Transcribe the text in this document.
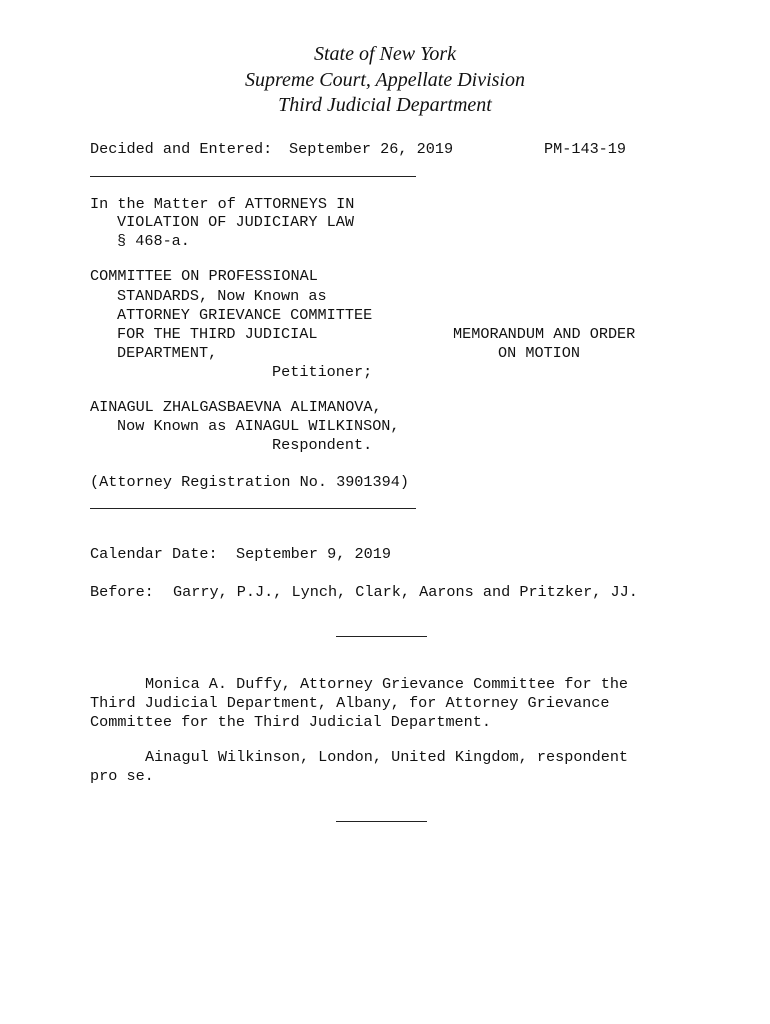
State of New York
Supreme Court, Appellate Division
Third Judicial Department
Decided and Entered: September 26, 2019	PM-143-19
In the Matter of ATTORNEYS IN
VIOLATION OF JUDICIARY LAW
§ 468-a.
COMMITTEE ON PROFESSIONAL
STANDARDS, Now Known as
ATTORNEY GRIEVANCE COMMITTEE
FOR THE THIRD JUDICIAL
DEPARTMENT,
Petitioner;
MEMORANDUM AND ORDER
ON MOTION
AINAGUL ZHALGASBAEVNA ALIMANOVA,
Now Known as AINAGUL WILKINSON,
Respondent.
(Attorney Registration No. 3901394)
Calendar Date: September 9, 2019
Before: Garry, P.J., Lynch, Clark, Aarons and Pritzker, JJ.
Monica A. Duffy, Attorney Grievance Committee for the
Third Judicial Department, Albany, for Attorney Grievance
Committee for the Third Judicial Department.
Ainagul Wilkinson, London, United Kingdom, respondent
pro se.
